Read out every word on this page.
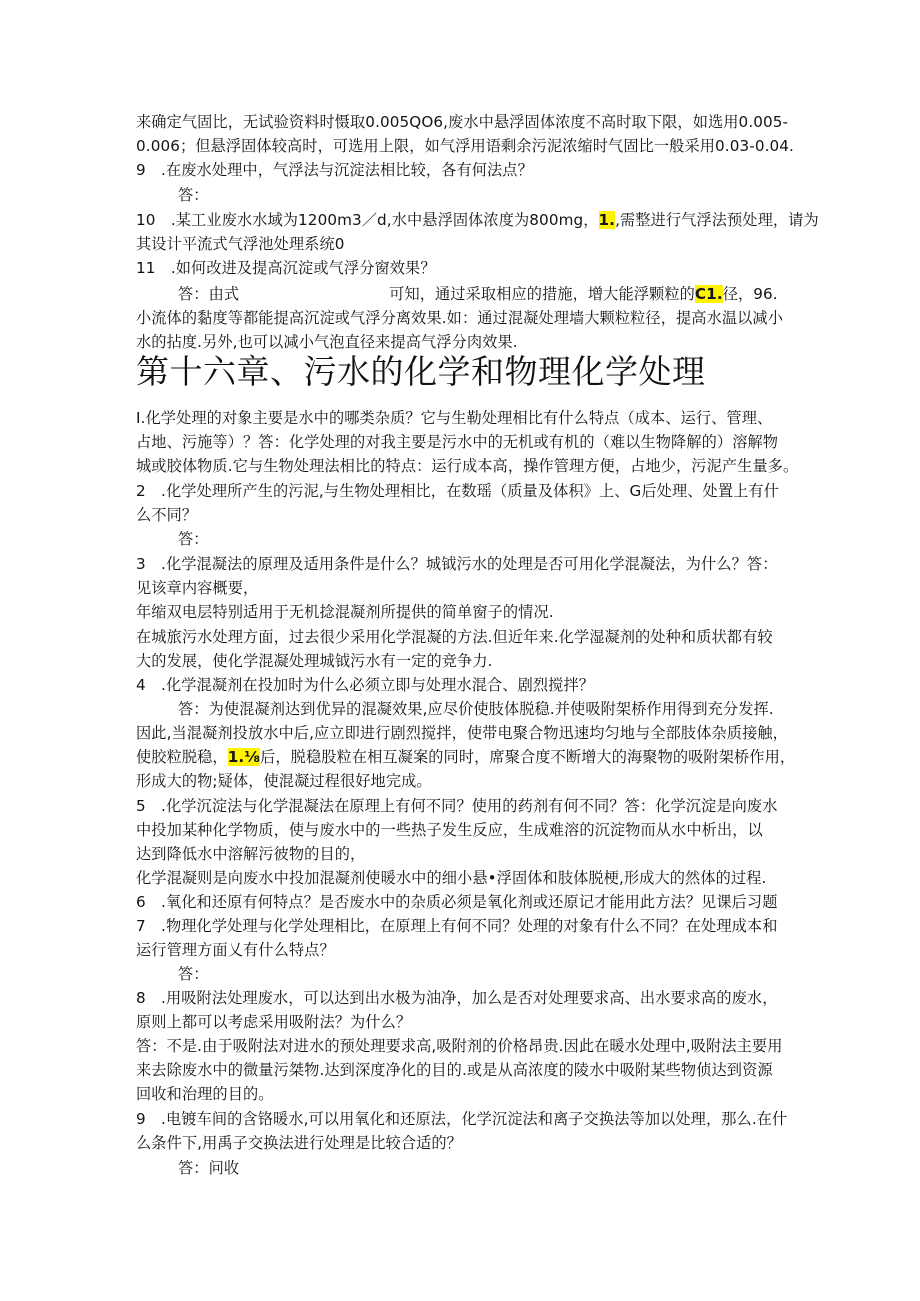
来确定气固比，无试验资料时慑取0.005QO6,废水中悬浮固体浓度不高时取下限，如选用0.005-
0.006；但悬浮固体较高时，可选用上限，如气浮用语剩余污泥浓缩时气固比一般采用0.03-0.04.
9　.在废水处理中，气浮法与沉淀法相比较，各有何法点？
答：
10　.某工业废水水域为1200m3／d,水中悬浮固体浓度为800mg，1.,需整进行气浮法预处理，请为
其设计平流式气浮池处理系统0
11　.如何改进及提高沉淀或气浮分窗效果？
答：由式	可知，通过采取相应的措施，增大能浮颗粒的C1.径，96.
小流体的黏度等都能提高沉淀或气浮分离效果.如：通过混凝处理墙大颗粒粒径，提高水温以减小
水的拈度.另外,也可以减小气泡直径来提高气浮分肉效果.
第十六章、污水的化学和物理化学处理
I.化学处理的对象主要是水中的哪类杂质？它与生勒处理相比有什么特点（成本、运行、管理、
占地、污施等）？答：化学处理的对我主要是污水中的无机或有机的（难以生物降解的）溶解物
城或胶体物质.它与生物处理法相比的特点：运行成本高，操作管理方便，占地少，污泥产生量多。
2　.化学处理所产生的污泥,与生物处理相比，在数瑶（质量及体积》上、G后处理、处置上有什
么不同？
答：
3　.化学混凝法的原理及适用条件是什么？城钺污水的处理是否可用化学混凝法，为什么？答：
见该章内容概要，
年缩双电层特别适用于无机捻混凝剂所提供的简单窗子的情况.
在城旅污水处理方面，过去很少采用化学混凝的方法.但近年来.化学湿凝剂的处种和质状都有较
大的发展，使化学混凝处理城钺污水有一定的竞争力.
4　.化学混凝剂在投加时为什么必须立即与处理水混合、剧烈搅拌？
答：为使混凝剂达到优异的混凝效果,应尽价使肢体脱稳.并使吸附架桥作用得到充分发挥.
因此,当混凝剂投放水中后,应立即进行剧烈搅拌，使带电聚合物迅速均匀地与全部肢体杂质接触，
使胶粒脱稳，1.⅛后，脱稳股粒在相互凝案的同时，席聚合度不断增大的海聚物的吸附架桥作用，
形成大的物;疑体，使混凝过程很好地完成。
5　.化学沉淀法与化学混凝法在原理上有何不同？使用的药剂有何不同？答：化学沉淀是向废水
中投加某种化学物质，使与废水中的一些热子发生反应，生成难溶的沉淀物而从水中析出，以
达到降低水中溶解污彼物的目的，
化学混凝则是向废水中投加混凝剂使暖水中的细小悬•浮固体和肢体脱梗,形成大的然体的过程.
6　.氧化和还原有何特点？是否废水中的杂质必须是氧化剂或还原记才能用此方法？见课后习题
7　.物理化学处理与化学处理相比，在原理上有何不同？处理的对象有什么不同？在处理成本和
运行管理方面乂有什么特点？
答：
8　.用吸附法处理废水，可以达到出水极为油净，加么是否对处理要求高、出水要求高的废水，
原则上都可以考虑采用吸附法？为什么？
答：不是.由于吸附法对进水的预处理要求高,吸附剂的价格昂贵.因此在暖水处理中,吸附法主要用
来去除废水中的微量污桀物.达到深度净化的目的.或是从高浓度的陵水中吸附某些物侦达到资源
回收和治理的目的。
9　.电镀车间的含铬暖水,可以用氧化和还原法，化学沉淀法和离子交换法等加以处理，那么.在什
么条件下,用禹子交换法进行处理是比较合适的？
答：问收
